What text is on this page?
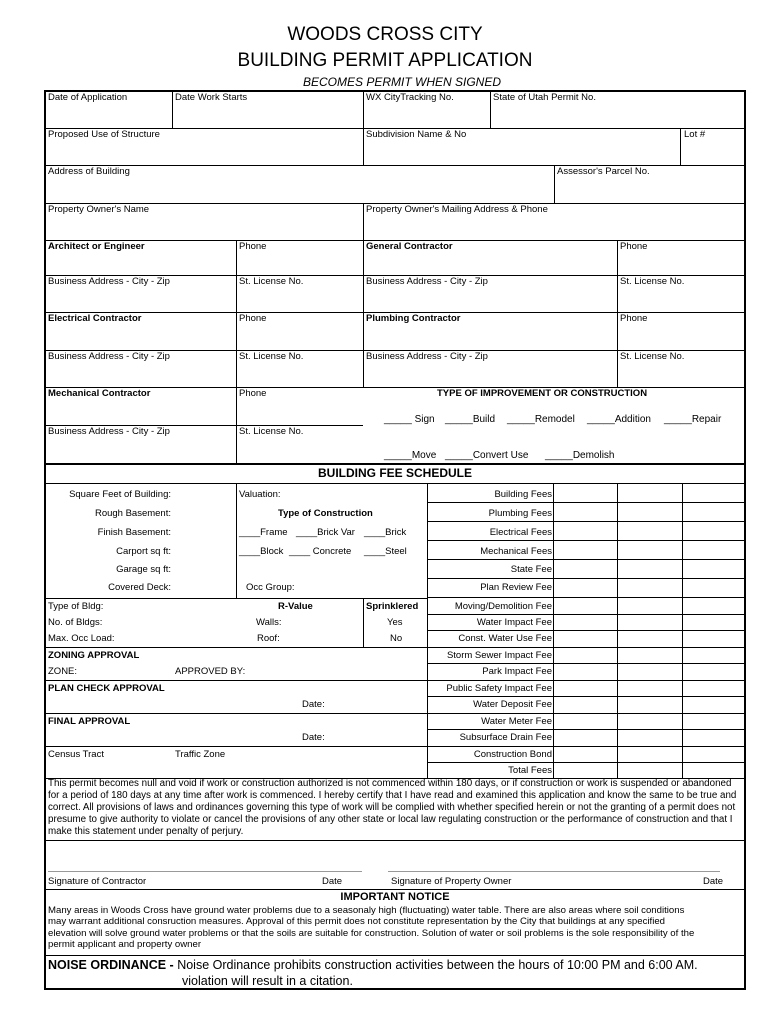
WOODS CROSS CITY
BUILDING PERMIT APPLICATION
BECOMES PERMIT WHEN SIGNED
Date of Application	Date Work Starts	WX CityTracking No.	State of Utah Permit No.
Proposed Use of Structure	Subdivision Name & No	Lot #
Address of Building	Assessor's Parcel No.
Property Owner's Name	Property Owner's Mailing Address & Phone
Architect or Engineer	Phone	General Contractor	Phone
Business Address - City - Zip	St. License No.	Business Address - City - Zip	St. License No.
Electrical Contractor	Phone	Plumbing Contractor	Phone
Business Address - City - Zip	St. License No.	Business Address - City - Zip	St. License No.
Mechanical Contractor	Phone
Business Address - City - Zip	St. License No.
TYPE OF IMPROVEMENT OR CONSTRUCTION
_____ Sign _____Build _____Remodel _____Addition _____Repair
_____Move _____Convert Use _____Demolish
BUILDING FEE SCHEDULE
Square Feet of Building:
Rough Basement:
Finish Basement:
Carport sq ft:
Garage sq ft:
Covered Deck:
Valuation:
Type of Construction
____Frame ____Brick Var ____Brick
____Block ____ Concrete ____Steel
Occ Group:
Type of Bldg:
No. of Bldgs:
Max. Occ Load:
R-Value
Walls:
Roof:
Sprinklered
Yes
No
ZONING APPROVAL
ZONE:	APPROVED BY:
PLAN CHECK APPROVAL
Date:
FINAL APPROVAL
Date:
Census Tract	Traffic Zone
Building Fees
Plumbing Fees
Electrical Fees
Mechanical Fees
State Fee
Plan Review Fee
Moving/Demolition Fee
Water Impact Fee
Const. Water Use Fee
Storm Sewer Impact Fee
Park Impact Fee
Public Safety Impact Fee
Water Deposit Fee
Water Meter Fee
Subsurface Drain Fee
Construction Bond
Total Fees
This permit becomes null and void if work or construction authorized is not commenced within 180 days, or if construction or work is suspended or abandoned for a period of 180 days at any time after work is commenced. I hereby certify that I have read and examined this application and know the same to be true and correct. All provisions of laws and ordinances governing this type of work will be complied with whether specified herein or not the granting of a permit does not presume to give authority to violate or cancel the provisions of any other state or local law regulating construction or the performance of construction and that I make this statement under penalty of perjury.
Signature of Contractor	Date	Signature of Property Owner	Date
IMPORTANT NOTICE
Many areas in Woods Cross have ground water problems due to a seasonaly high (fluctuating) water table. There are also areas where soil conditions may warrant additional consruction measures. Approval of this permit does not constitute representation by the City that buildings at any specified elevation will solve ground water problems or that the soils are suitable for construction. Solution of water or soil problems is the sole responsibility of the permit applicant and property owner
NOISE ORDINANCE - Noise Ordinance prohibits construction activities between the hours of 10:00 PM and 6:00 AM.
violation will result in a citation.
